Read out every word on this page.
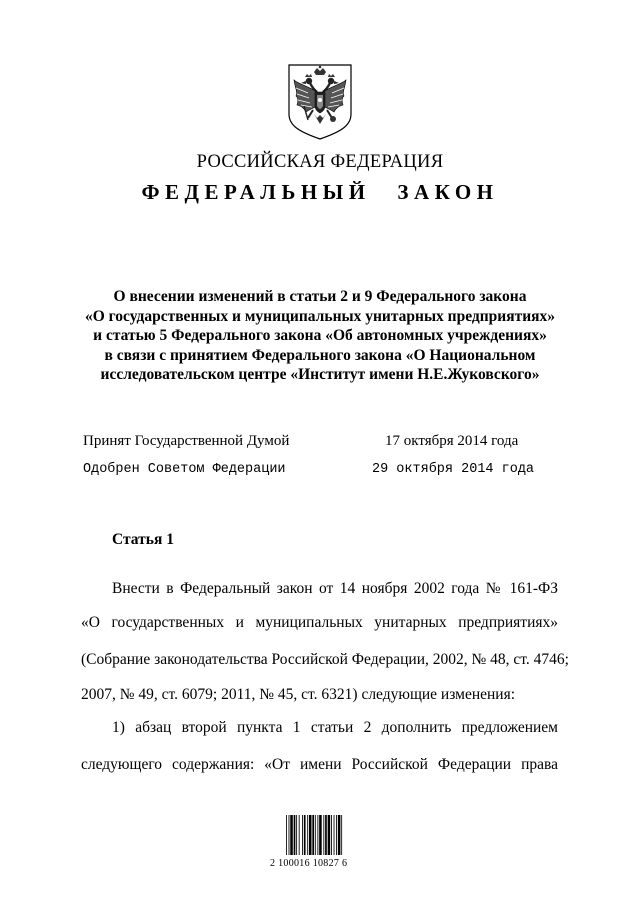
РОССИЙСКАЯ ФЕДЕРАЦИЯ
ФЕДЕРАЛЬНЫЙ ЗАКОН
О внесении изменений в статьи 2 и 9 Федерального закона
«О государственных и муниципальных унитарных предприятиях»
и статью 5 Федерального закона «Об автономных учреждениях»
в связи с принятием Федерального закона «О Национальном
исследовательском центре «Институт имени Н.Е.Жуковского»
Принят Государственной Думой	17 октября 2014 года
Одобрен Советом Федерации	29 октября 2014 года
Статья 1
Внести в Федеральный закон от 14 ноября 2002 года № 161-ФЗ
«О государственных и муниципальных унитарных предприятиях»
(Собрание законодательства Российской Федерации, 2002, № 48, ст. 4746;
2007, № 49, ст. 6079; 2011, № 45, ст. 6321) следующие изменения:
1) абзац второй пункта 1 статьи 2 дополнить предложением
следующего содержания: «От имени Российской Федерации права
2 100016 10827 6
